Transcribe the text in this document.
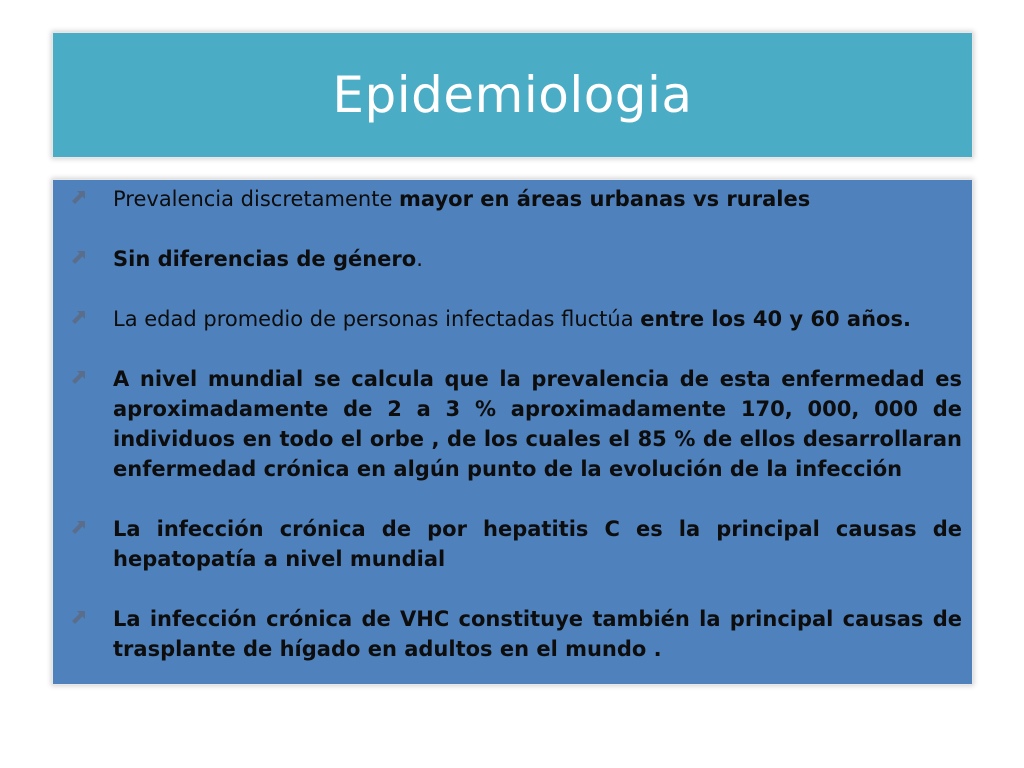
Epidemiologia
Prevalencia discretamente mayor en áreas urbanas vs rurales
Sin diferencias de género.
La edad promedio de personas infectadas fluctúa entre los 40 y 60 años.
A nivel mundial se calcula que la prevalencia de esta enfermedad es aproximadamente de 2 a 3 % aproximadamente 170, 000, 000 de individuos en todo el orbe , de los cuales el 85 % de ellos desarrollaran enfermedad crónica en algún punto de la evolución de la infección
La infección crónica de por hepatitis C es la principal causas de hepatopatía a nivel mundial
La infección crónica de VHC constituye también la principal causas de trasplante de hígado en adultos en el mundo .
